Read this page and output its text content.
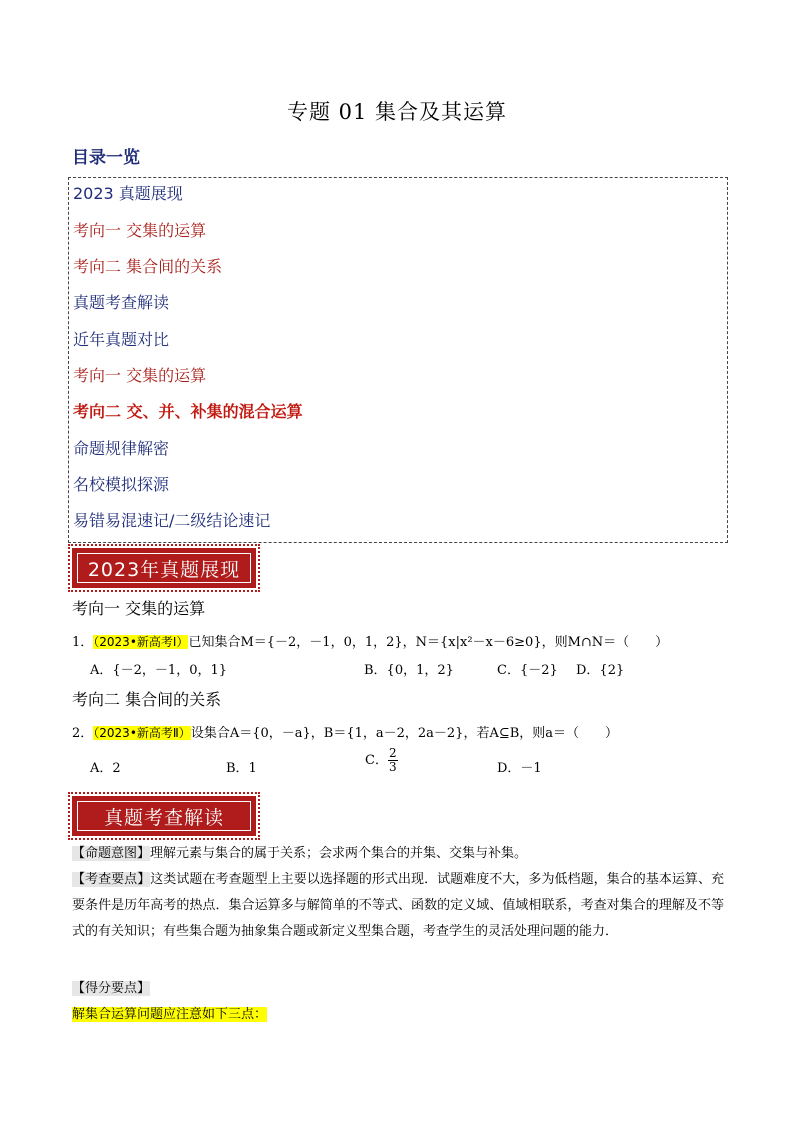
专题 01 集合及其运算
目录一览
2023 真题展现
考向一 交集的运算
考向二 集合间的关系
真题考查解读
近年真题对比
考向一 交集的运算
考向二 交、并、补集的混合运算
命题规律解密
名校模拟探源
易错易混速记/二级结论速记
2023年真题展现
考向一 交集的运算
1．（2023•新高考Ⅰ）已知集合M＝{－2，－1，0，1，2}，N＝{x|x²－x－6≥0}，则M∩N＝（　　）
A．{－2，－1，0，1}	B．{0，1，2}	C．{－2} D．{2}
考向二 集合间的关系
2．（2023•新高考Ⅱ）设集合A＝{0，－a}，B＝{1，a－2，2a－2}，若A⊆B，则a＝（　　）
A．2	B．1
C． $\frac{2}{3}$	D．－1
真题考查解读
【命题意图】理解元素与集合的属于关系；会求两个集合的并集、交集与补集。
【考查要点】这类试题在考查题型上主要以选择题的形式出现．试题难度不大，多为低档题，集合的基本运算、充要条件是历年高考的热点．集合运算多与解简单的不等式、函数的定义域、值域相联系，考查对集合的理解及不等式的有关知识；有些集合题为抽象集合题或新定义型集合题，考查学生的灵活处理问题的能力．
【得分要点】
解集合运算问题应注意如下三点：
